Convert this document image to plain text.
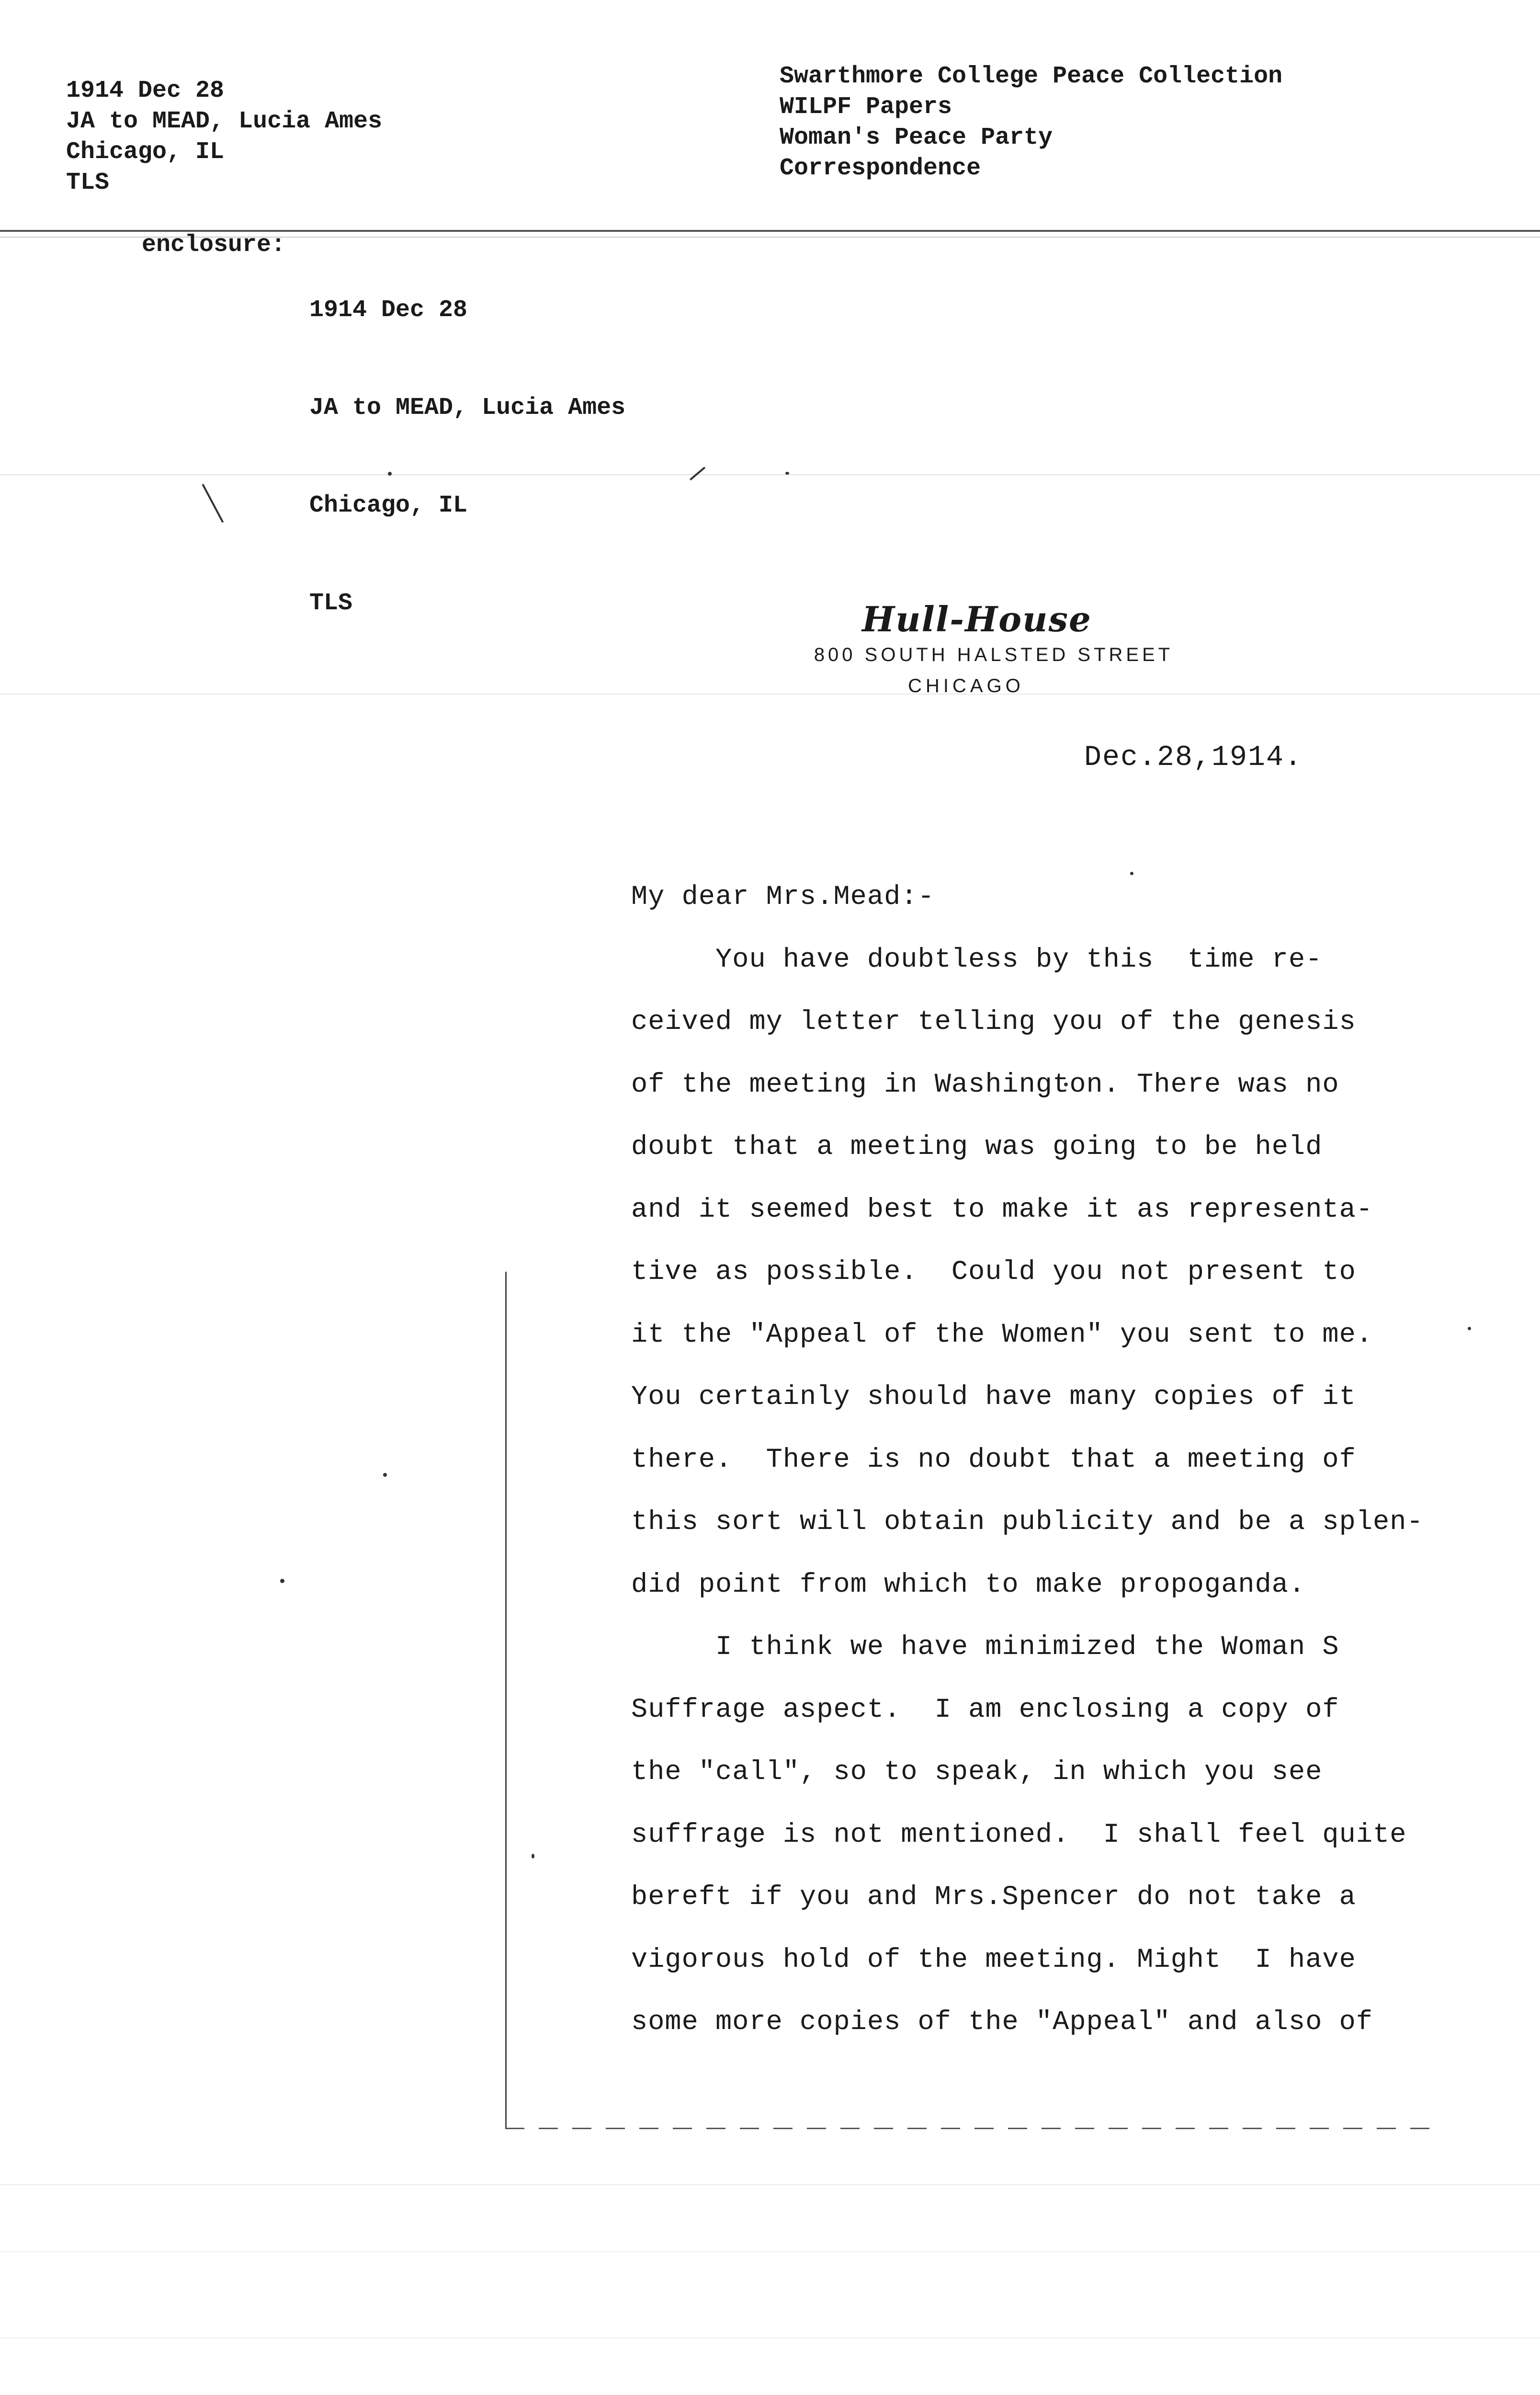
1914 Dec 28
JA to MEAD, Lucia Ames
Chicago, IL
TLS
Swarthmore College Peace Collection
WILPF Papers
Woman's Peace Party
Correspondence
enclosure:

1914 Dec 28

JA to MEAD, Lucia Ames

Chicago, IL

TLS

	Hull-House
800 SOUTH HALSTED STREET
CHICAGO
Dec.28,1914.
My dear Mrs.Mead:-
You have doubtless by this  time re-
ceived my letter telling you of the genesis
of the meeting in Washington. There was no
doubt that a meeting was going to be held
and it seemed best to make it as representa-
tive as possible.  Could you not present to
it the "Appeal of the Women" you sent to me.
You certainly should have many copies of it
there.  There is no doubt that a meeting of
this sort will obtain publicity and be a splen-
did point from which to make propoganda.
I think we have minimized the Woman S
Suffrage aspect.  I am enclosing a copy of
the "call", so to speak, in which you see
suffrage is not mentioned.  I shall feel quite
bereft if you and Mrs.Spencer do not take a
vigorous hold of the meeting. Might  I have
some more copies of the "Appeal" and also of
